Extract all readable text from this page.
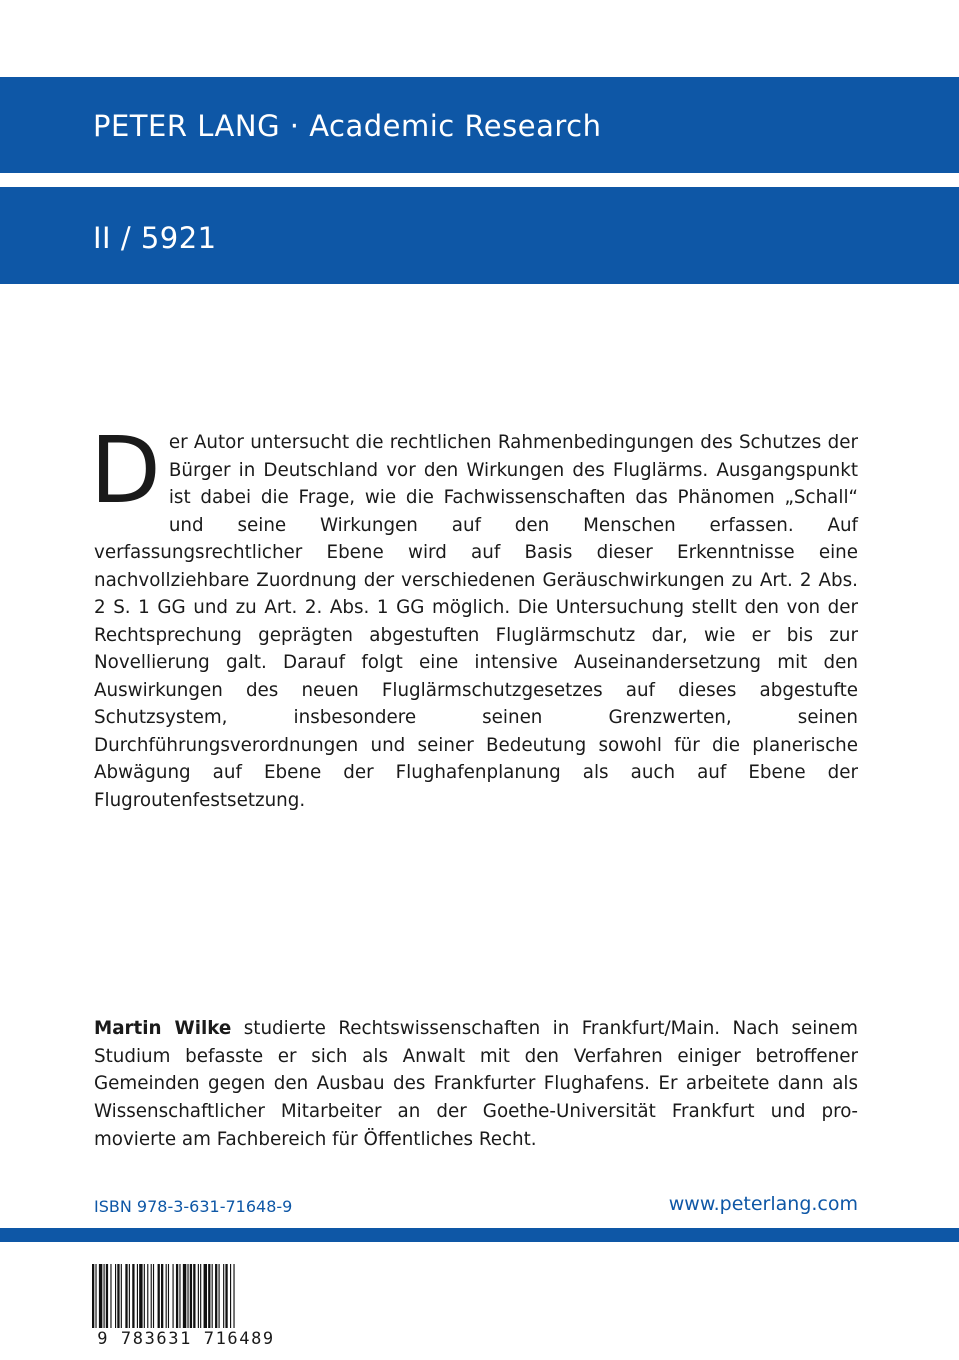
PETER LANG · Academic Research
II / 5921

Der Autor untersucht die rechtlichen Rahmenbedingungen des Schutzes der Bürger in Deutschland vor den Wirkungen des Fluglärms. Ausgangspunkt ist dabei die Frage, wie die Fachwissenschaften das Phänomen „Schall“ und seine Wirkungen auf den Menschen erfassen. Auf verfassungsrechtlicher Ebene wird auf Basis dieser Erkenntnisse eine nachvollziehbare Zuordnung der verschiedenen Geräuschwirkungen zu Art. 2 Abs. 2 S. 1 GG und zu Art. 2. Abs. 1 GG möglich. Die Untersuchung stellt den von der Rechtsprechung geprägten abgestuften Fluglärmschutz dar, wie er bis zur Novellierung galt. Darauf folgt eine intensive Auseinandersetzung mit den Auswirkungen des neuen Fluglärmschutzgesetzes auf dieses abgestufte Schutzsystem, insbesondere seinen Grenzwerten, seinen Durchführungsverordnungen und seiner Bedeutung sowohl für die planerische Abwägung auf Ebene der Flughafenplanung als auch auf Ebene der Flugroutenfestsetzung.

Martin Wilke studierte Rechtswissenschaften in Frankfurt/Main. Nach seinem Studium befasste er sich als Anwalt mit den Verfahren einiger betroffener Gemeinden gegen den Ausbau des Frankfurter Flughafens. Er arbeitete dann als Wissenschaftlicher Mitarbeiter an der Goethe-Universität Frankfurt und promovierte am Fachbereich für Öffentliches Recht.

ISBN 978-3-631-71648-9	www.peterlang.com
9 783631 716489
